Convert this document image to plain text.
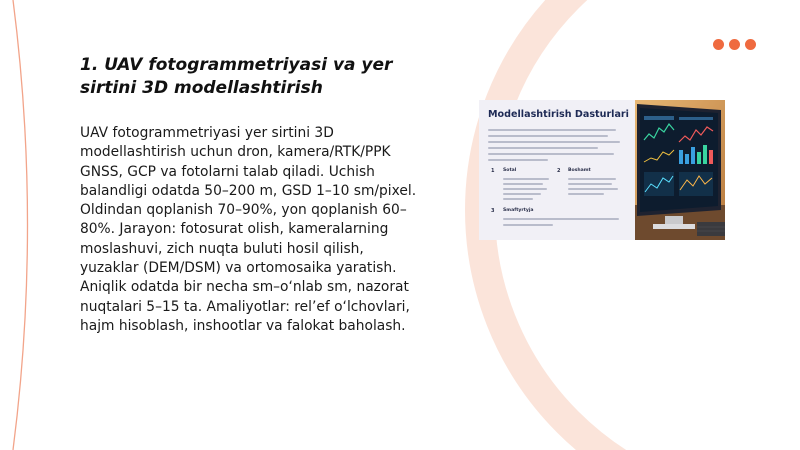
1. UAV fotogrammetriyasi va yer sirtini 3D modellashtirish

UAV fotogrammetriyasi yer sirtini 3D modellashtirish uchun dron, kamera/RTK/PPK GNSS, GCP va fotolarni talab qiladi. Uchish balandligi odatda 50–200 m, GSD 1–10 sm/pixel. Oldindan qoplanish 70–90%, yon qoplanish 60–80%. Jarayon: fotosurat olish, kameralarning moslashuvi, zich nuqta buluti hosil qilish, yuzaklar (DEM/DSM) va ortomosaika yaratish. Aniqlik odatda bir necha sm–o‘nlab sm, nazorat nuqtalari 5–15 ta. Amaliyotlar: rel’ef o‘lchovlari, hajm hisoblash, inshootlar va falokat baholash.

Modellashtirish Dasturlari
1 Sotal	2 Boshamt
3 Smaftyrtyja
